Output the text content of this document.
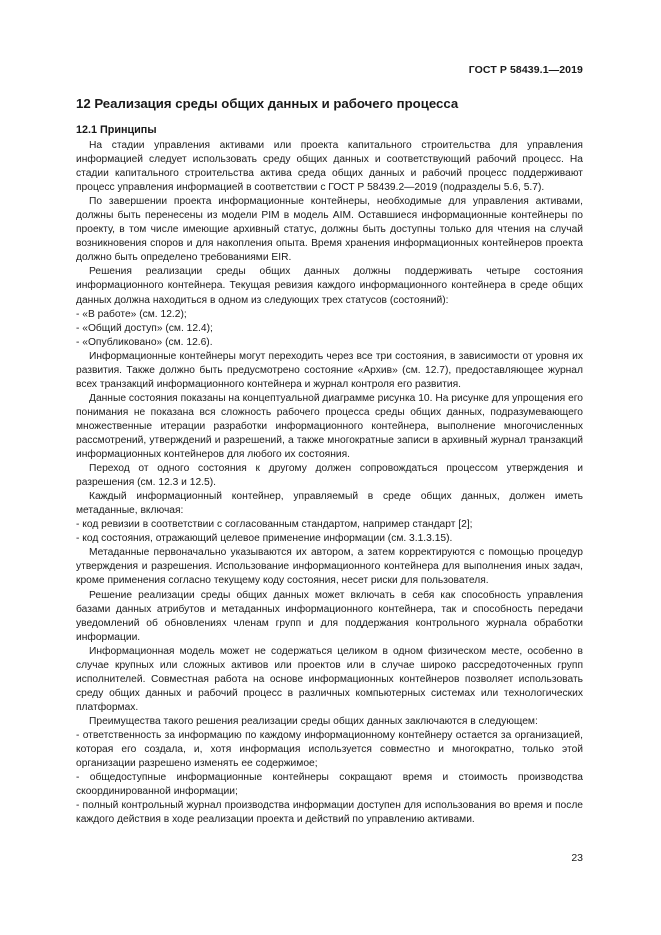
ГОСТ Р 58439.1—2019
12 Реализация среды общих данных и рабочего процесса
12.1 Принципы

На стадии управления активами или проекта капитального строительства для управления информацией следует использовать среду общих данных и соответствующий рабочий процесс. На стадии капитального строительства актива среда общих данных и рабочий процесс поддерживают процесс управления информацией в соответствии с ГОСТ Р 58439.2—2019 (подразделы 5.6, 5.7).

По завершении проекта информационные контейнеры, необходимые для управления активами, должны быть перенесены из модели PIM в модель AIM. Оставшиеся информационные контейнеры по проекту, в том числе имеющие архивный статус, должны быть доступны только для чтения на случай возникновения споров и для накопления опыта. Время хранения информационных контейнеров проекта должно быть определено требованиями EIR.

Решения реализации среды общих данных должны поддерживать четыре состояния информационного контейнера. Текущая ревизия каждого информационного контейнера в среде общих данных должна находиться в одном из следующих трех статусов (состояний):

- «В работе» (см. 12.2);

- «Общий доступ» (см. 12.4);

- «Опубликовано» (см. 12.6).

Информационные контейнеры могут переходить через все три состояния, в зависимости от уровня их развития. Также должно быть предусмотрено состояние «Архив» (см. 12.7), предоставляющее журнал всех транзакций информационного контейнера и журнал контроля его развития.

Данные состояния показаны на концептуальной диаграмме рисунка 10. На рисунке для упрощения его понимания не показана вся сложность рабочего процесса среды общих данных, подразумевающего множественные итерации разработки информационного контейнера, выполнение многочисленных рассмотрений, утверждений и разрешений, а также многократные записи в архивный журнал транзакций информационных контейнеров для любого их состояния.

Переход от одного состояния к другому должен сопровождаться процессом утверждения и разрешения (см. 12.3 и 12.5).

Каждый информационный контейнер, управляемый в среде общих данных, должен иметь метаданные, включая:

- код ревизии в соответствии с согласованным стандартом, например стандарт [2];

- код состояния, отражающий целевое применение информации (см. 3.1.3.15).

Метаданные первоначально указываются их автором, а затем корректируются с помощью процедур утверждения и разрешения. Использование информационного контейнера для выполнения иных задач, кроме применения согласно текущему коду состояния, несет риски для пользователя.

Решение реализации среды общих данных может включать в себя как способность управления базами данных атрибутов и метаданных информационного контейнера, так и способность передачи уведомлений об обновлениях членам групп и для поддержания контрольного журнала обработки информации.

Информационная модель может не содержаться целиком в одном физическом месте, особенно в случае крупных или сложных активов или проектов или в случае широко рассредоточенных групп исполнителей. Совместная работа на основе информационных контейнеров позволяет использовать среду общих данных и рабочий процесс в различных компьютерных системах или технологических платформах.

Преимущества такого решения реализации среды общих данных заключаются в следующем:

- ответственность за информацию по каждому информационному контейнеру остается за организацией, которая его создала, и, хотя информация используется совместно и многократно, только этой организации разрешено изменять ее содержимое;

- общедоступные информационные контейнеры сокращают время и стоимость производства скоординированной информации;

- полный контрольный журнал производства информации доступен для использования во время и после каждого действия в ходе реализации проекта и действий по управлению активами.

23
